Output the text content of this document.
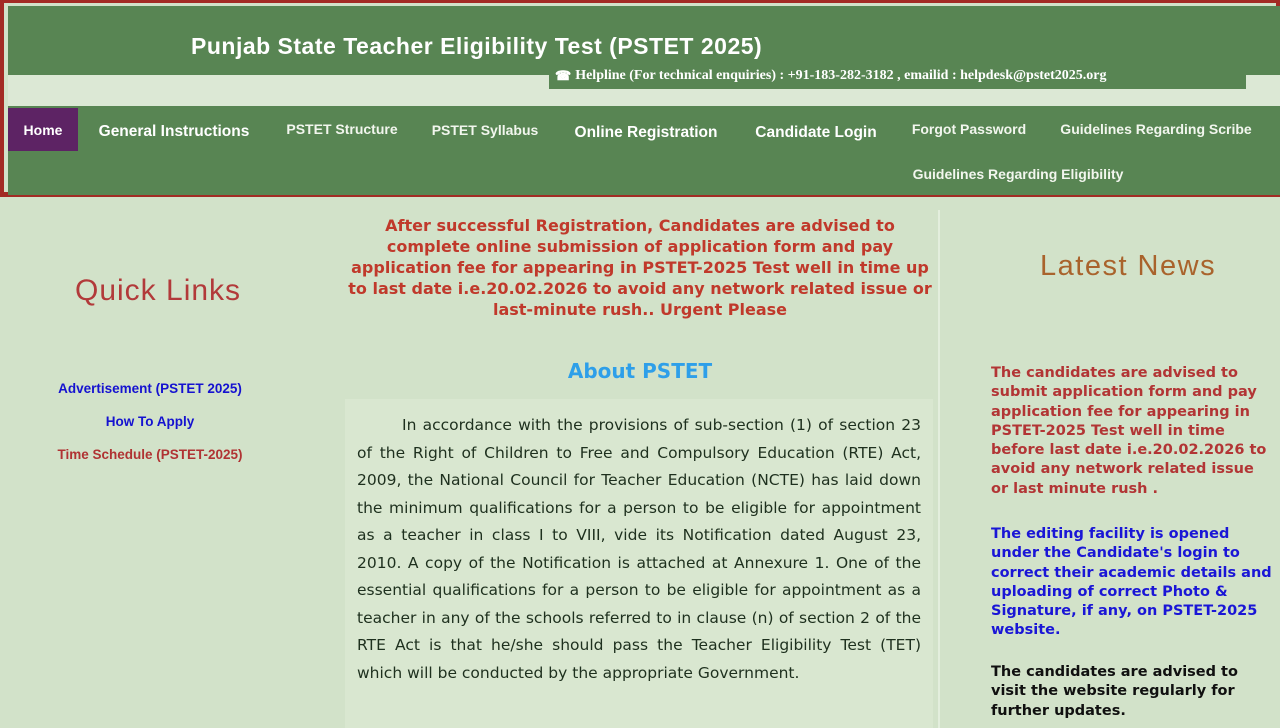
Punjab State Teacher Eligibility Test (PSTET 2025)
☎ Helpline (For technical enquiries) : +91-183-282-3182 , emailid : helpdesk@pstet2025.org
Home	General Instructions	PSTET Structure PSTET Syllabus Online Registration Candidate Login	Forgot Password Guidelines Regarding Scribe
Guidelines Regarding Eligibility
Quick Links
Advertisement (PSTET 2025)
How To Apply
Time Schedule (PSTET-2025)

After successful Registration, Candidates are advised to complete online submission of application form and pay application fee for appearing in PSTET-2025 Test well in time up to last date i.e.20.02.2026 to avoid any network related issue or last-minute rush.. Urgent Please

About PSTET

In accordance with the provisions of sub-section (1) of section 23 of the Right of Children to Free and Compulsory Education (RTE) Act, 2009, the National Council for Teacher Education (NCTE) has laid down the minimum qualifications for a person to be eligible for appointment as a teacher in class I to VIII, vide its Notification dated August 23, 2010. A copy of the Notification is attached at Annexure 1. One of the essential qualifications for a person to be eligible for appointment as a teacher in any of the schools referred to in clause (n) of section 2 of the RTE Act is that he/she should pass the Teacher Eligibility Test (TET) which will be conducted by the appropriate Government.

Latest News

The candidates are advised to submit application form and pay application fee for appearing in PSTET-2025 Test well in time before last date i.e.20.02.2026 to avoid any network related issue or last minute rush .

The editing facility is opened under the Candidate's login to correct their academic details and uploading of correct Photo & Signature, if any, on PSTET-2025 website.

The candidates are advised to visit the website regularly for further updates.
